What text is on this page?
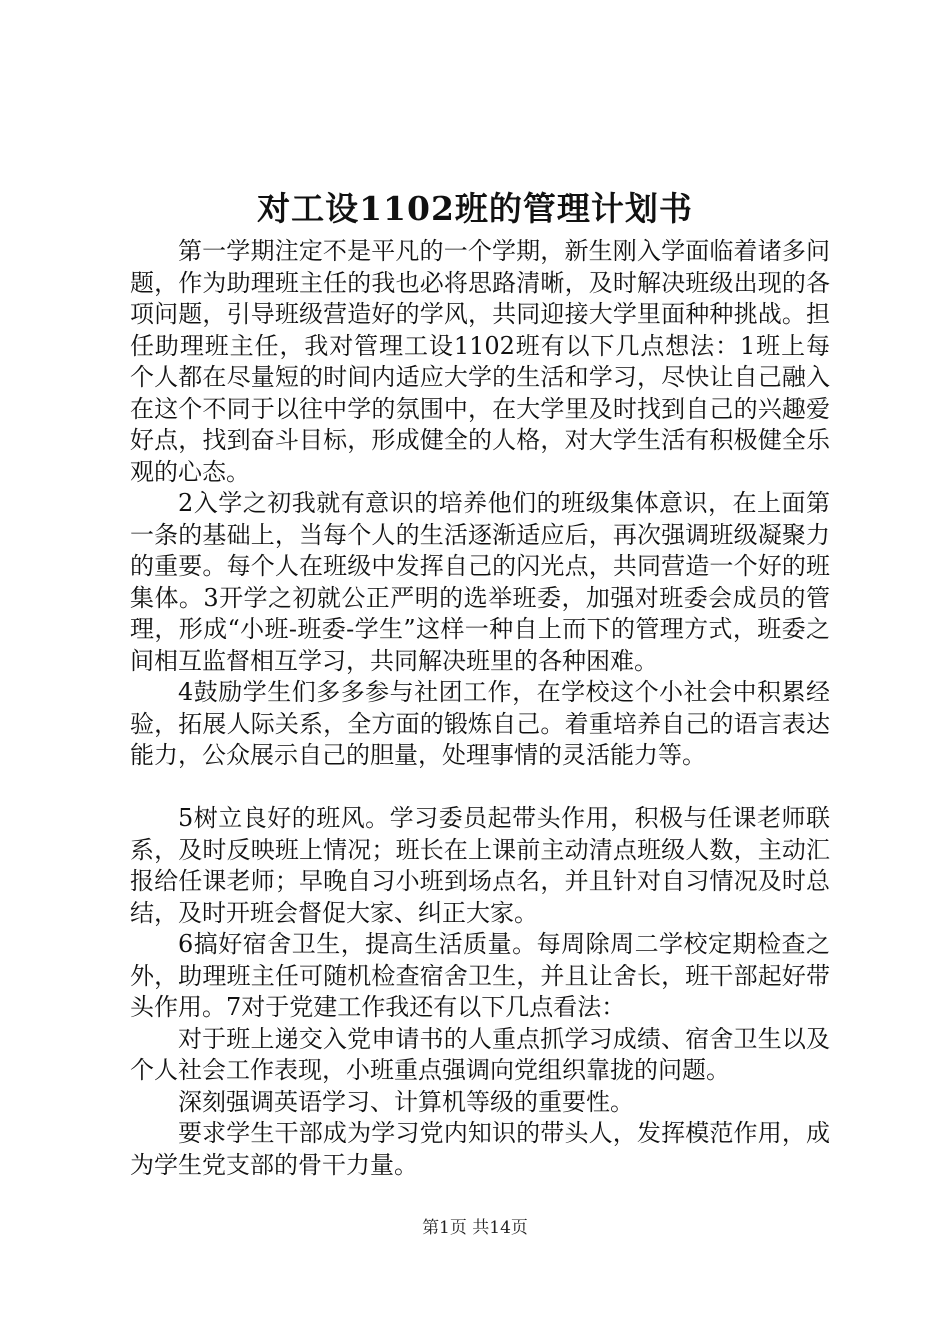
对工设1102班的管理计划书

第一学期注定不是平凡的一个学期，新生刚入学面临着诸多问题，作为助理班主任的我也必将思路清晰，及时解决班级出现的各项问题，引导班级营造好的学风，共同迎接大学里面种种挑战。担任助理班主任，我对管理工设1102班有以下几点想法：1班上每个人都在尽量短的时间内适应大学的生活和学习，尽快让自己融入在这个不同于以往中学的氛围中，在大学里及时找到自己的兴趣爱好点，找到奋斗目标，形成健全的人格，对大学生活有积极健全乐观的心态。

2入学之初我就有意识的培养他们的班级集体意识，在上面第一条的基础上，当每个人的生活逐渐适应后，再次强调班级凝聚力的重要。每个人在班级中发挥自己的闪光点，共同营造一个好的班集体。3开学之初就公正严明的选举班委，加强对班委会成员的管理，形成“小班-班委-学生”这样一种自上而下的管理方式，班委之间相互监督相互学习，共同解决班里的各种困难。

4鼓励学生们多多参与社团工作，在学校这个小社会中积累经验，拓展人际关系，全方面的锻炼自己。着重培养自己的语言表达能力，公众展示自己的胆量，处理事情的灵活能力等。

5树立良好的班风。学习委员起带头作用，积极与任课老师联系，及时反映班上情况；班长在上课前主动清点班级人数，主动汇报给任课老师；早晚自习小班到场点名，并且针对自习情况及时总结，及时开班会督促大家、纠正大家。

6搞好宿舍卫生，提高生活质量。每周除周二学校定期检查之外，助理班主任可随机检查宿舍卫生，并且让舍长，班干部起好带头作用。7对于党建工作我还有以下几点看法：

对于班上递交入党申请书的人重点抓学习成绩、宿舍卫生以及个人社会工作表现，小班重点强调向党组织靠拢的问题。

深刻强调英语学习、计算机等级的重要性。

要求学生干部成为学习党内知识的带头人，发挥模范作用，成为学生党支部的骨干力量。

第1页 共14页
